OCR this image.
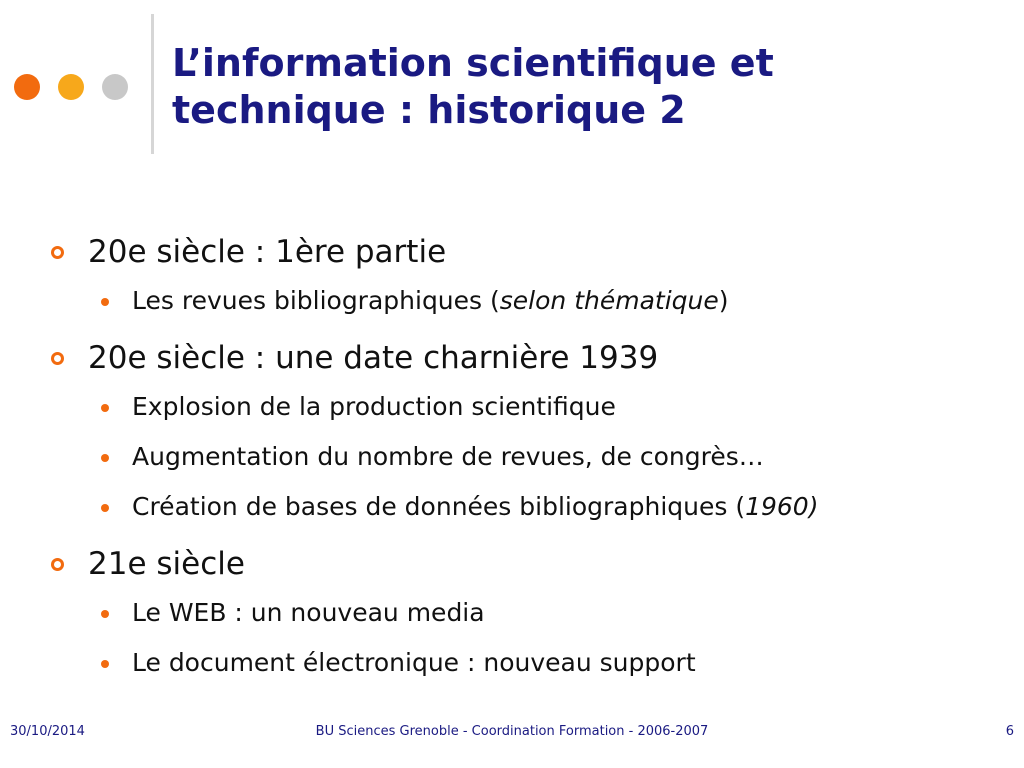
L’information scientifique et
technique : historique 2
20e siècle : 1ère partie
Les revues bibliographiques (selon thématique)
20e siècle : une date charnière 1939
Explosion de la production scientifique
Augmentation du nombre de revues, de congrès…
Création de bases de données bibliographiques (1960)
21e siècle
Le WEB : un nouveau media
Le document électronique : nouveau support
30/10/2014	BU Sciences Grenoble - Coordination Formation - 2006-2007	6
